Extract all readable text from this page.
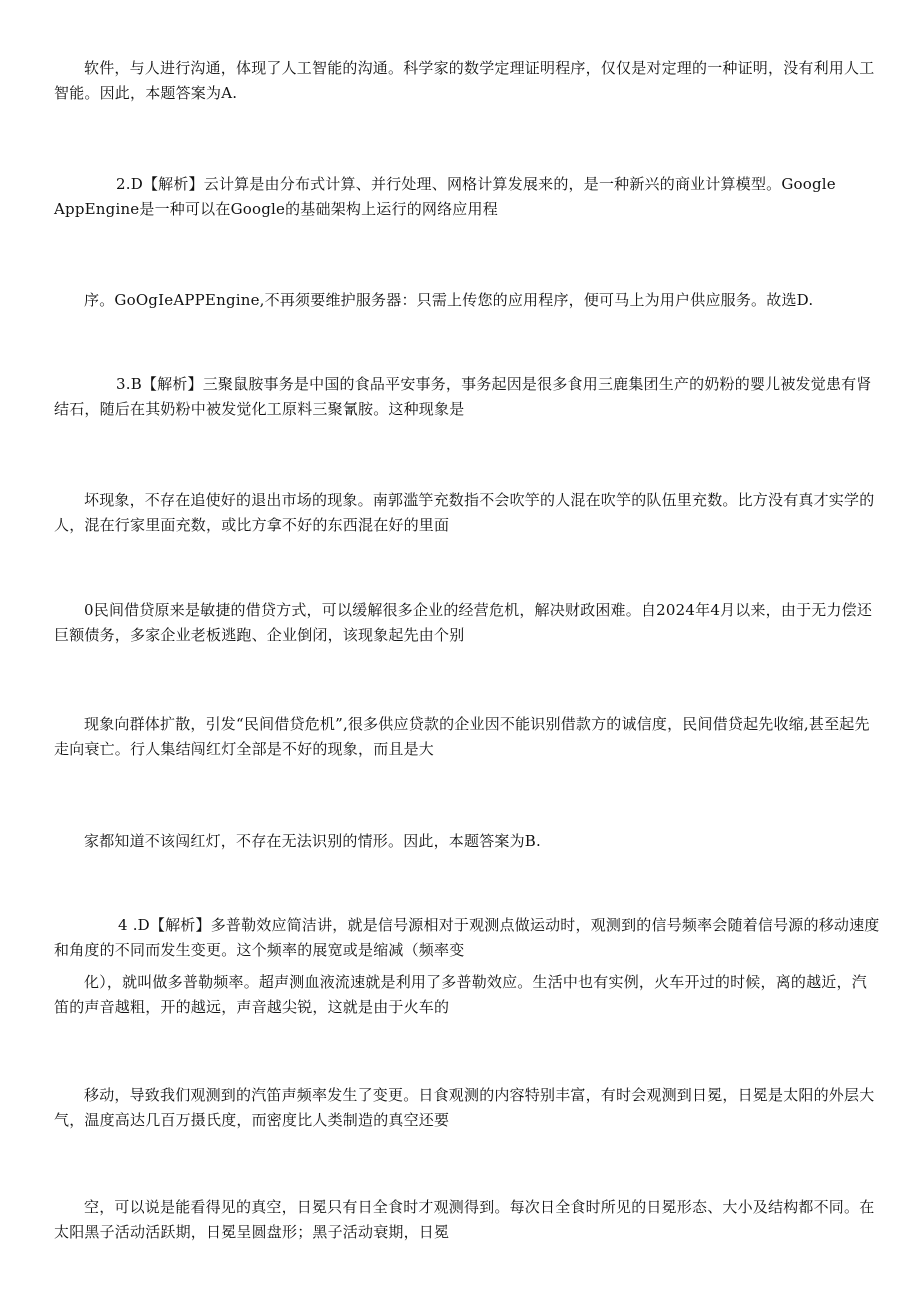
软件，与人进行沟通，体现了人工智能的沟通。科学家的数学定理证明程序，仅仅是对定理的一种证明，没有利用人工智能。因此，本题答案为A.

2.D【解析】云计算是由分布式计算、并行处理、网格计算发展来的，是一种新兴的商业计算模型。Google AppEngine是一种可以在Google的基础架构上运行的网络应用程

序。GoOgIeAPPEngine,不再须要维护服务器：只需上传您的应用程序，便可马上为用户供应服务。故选D.

3.B【解析】三聚鼠胺事务是中国的食品平安事务，事务起因是很多食用三鹿集团生产的奶粉的婴儿被发觉患有肾结石，随后在其奶粉中被发觉化工原料三聚氰胺。这种现象是

坏现象，不存在追使好的退出市场的现象。南郭滥竽充数指不会吹竽的人混在吹竽的队伍里充数。比方没有真才实学的人，混在行家里面充数，或比方拿不好的东西混在好的里面

0民间借贷原来是敏捷的借贷方式，可以缓解很多企业的经营危机，解决财政困难。自2024年4月以来，由于无力偿还巨额债务，多家企业老板逃跑、企业倒闭，该现象起先由个别

现象向群体扩散，引发“民间借贷危机”,很多供应贷款的企业因不能识别借款方的诚信度，民间借贷起先收缩,甚至起先走向衰亡。行人集结闯红灯全部是不好的现象，而且是大

家都知道不该闯红灯，不存在无法识别的情形。因此，本题答案为B.

4 .D【解析】多普勒效应简洁讲，就是信号源相对于观测点做运动时，观测到的信号频率会随着信号源的移动速度和角度的不同而发生变更。这个频率的展宽或是缩减（频率变

化），就叫做多普勒频率。超声测血液流速就是利用了多普勒效应。生活中也有实例，火车开过的时候，离的越近，汽笛的声音越粗，开的越远，声音越尖锐，这就是由于火车的

移动，导致我们观测到的汽笛声频率发生了变更。日食观测的内容特别丰富，有时会观测到日冕，日冕是太阳的外层大气，温度高达几百万摄氏度，而密度比人类制造的真空还要

空，可以说是能看得见的真空，日冕只有日全食时才观测得到。每次日全食时所见的日冕形态、大小及结构都不同。在太阳黑子活动活跃期，日冕呈圆盘形；黑子活动衰期，日冕
